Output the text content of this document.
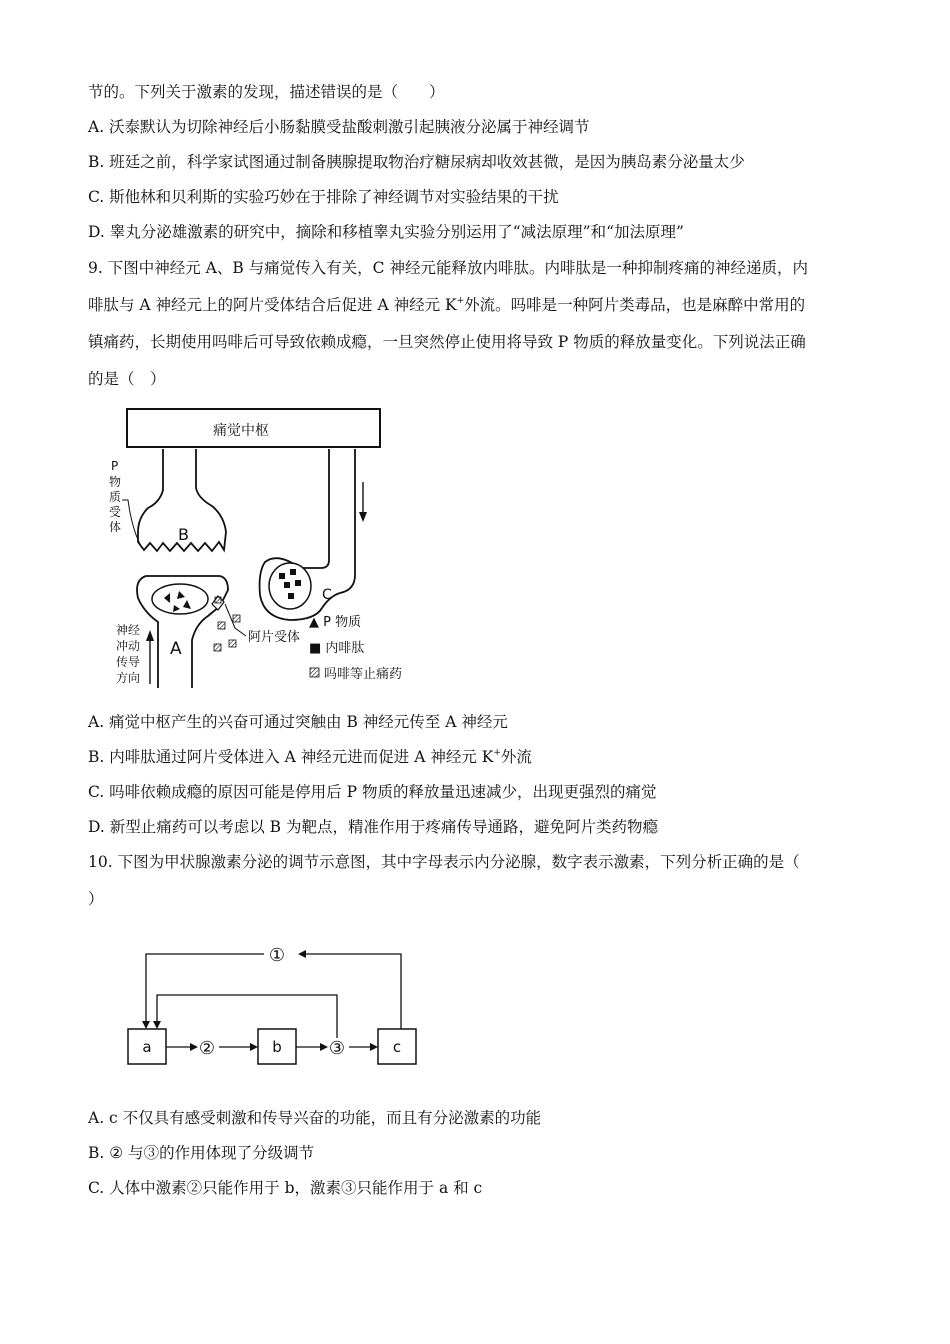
节的。下列关于激素的发现，描述错误的是（　　）
A. 沃泰默认为切除神经后小肠黏膜受盐酸刺激引起胰液分泌属于神经调节
B. 班廷之前，科学家试图通过制备胰腺提取物治疗糖尿病却收效甚微，是因为胰岛素分泌量太少
C. 斯他林和贝利斯的实验巧妙在于排除了神经调节对实验结果的干扰
D. 睾丸分泌雄激素的研究中，摘除和移植睾丸实验分别运用了“减法原理”和“加法原理”
9. 下图中神经元 A、B 与痛觉传入有关，C 神经元能释放内啡肽。内啡肽是一种抑制疼痛的神经递质，内
啡肽与 A 神经元上的阿片受体结合后促进 A 神经元 K+外流。吗啡是一种阿片类毒品，也是麻醉中常用的
镇痛药，长期使用吗啡后可导致依赖成瘾，一旦突然停止使用将导致 P 物质的释放量变化。下列说法正确
的是（　）
痛觉中枢
B
P
物
质
受
体
C
A
阿片受体
神经
冲动
传导
方向
▲ P 物质
■ 内啡肽
吗啡等止痛药
A. 痛觉中枢产生的兴奋可通过突触由 B 神经元传至 A 神经元
B. 内啡肽通过阿片受体进入 A 神经元进而促进 A 神经元 K+外流
C. 吗啡依赖成瘾的原因可能是停用后 P 物质的释放量迅速减少，出现更强烈的痛觉
D. 新型止痛药可以考虑以 B 为靶点，精准作用于疼痛传导通路，避免阿片类药物瘾
10. 下图为甲状腺激素分泌的调节示意图，其中字母表示内分泌腺，数字表示激素，下列分析正确的是（
）
a	b	c
②	③
①
A. c 不仅具有感受刺激和传导兴奋的功能，而且有分泌激素的功能
B. ② 与③的作用体现了分级调节
C. 人体中激素②只能作用于 b，激素③只能作用于 a 和 c
